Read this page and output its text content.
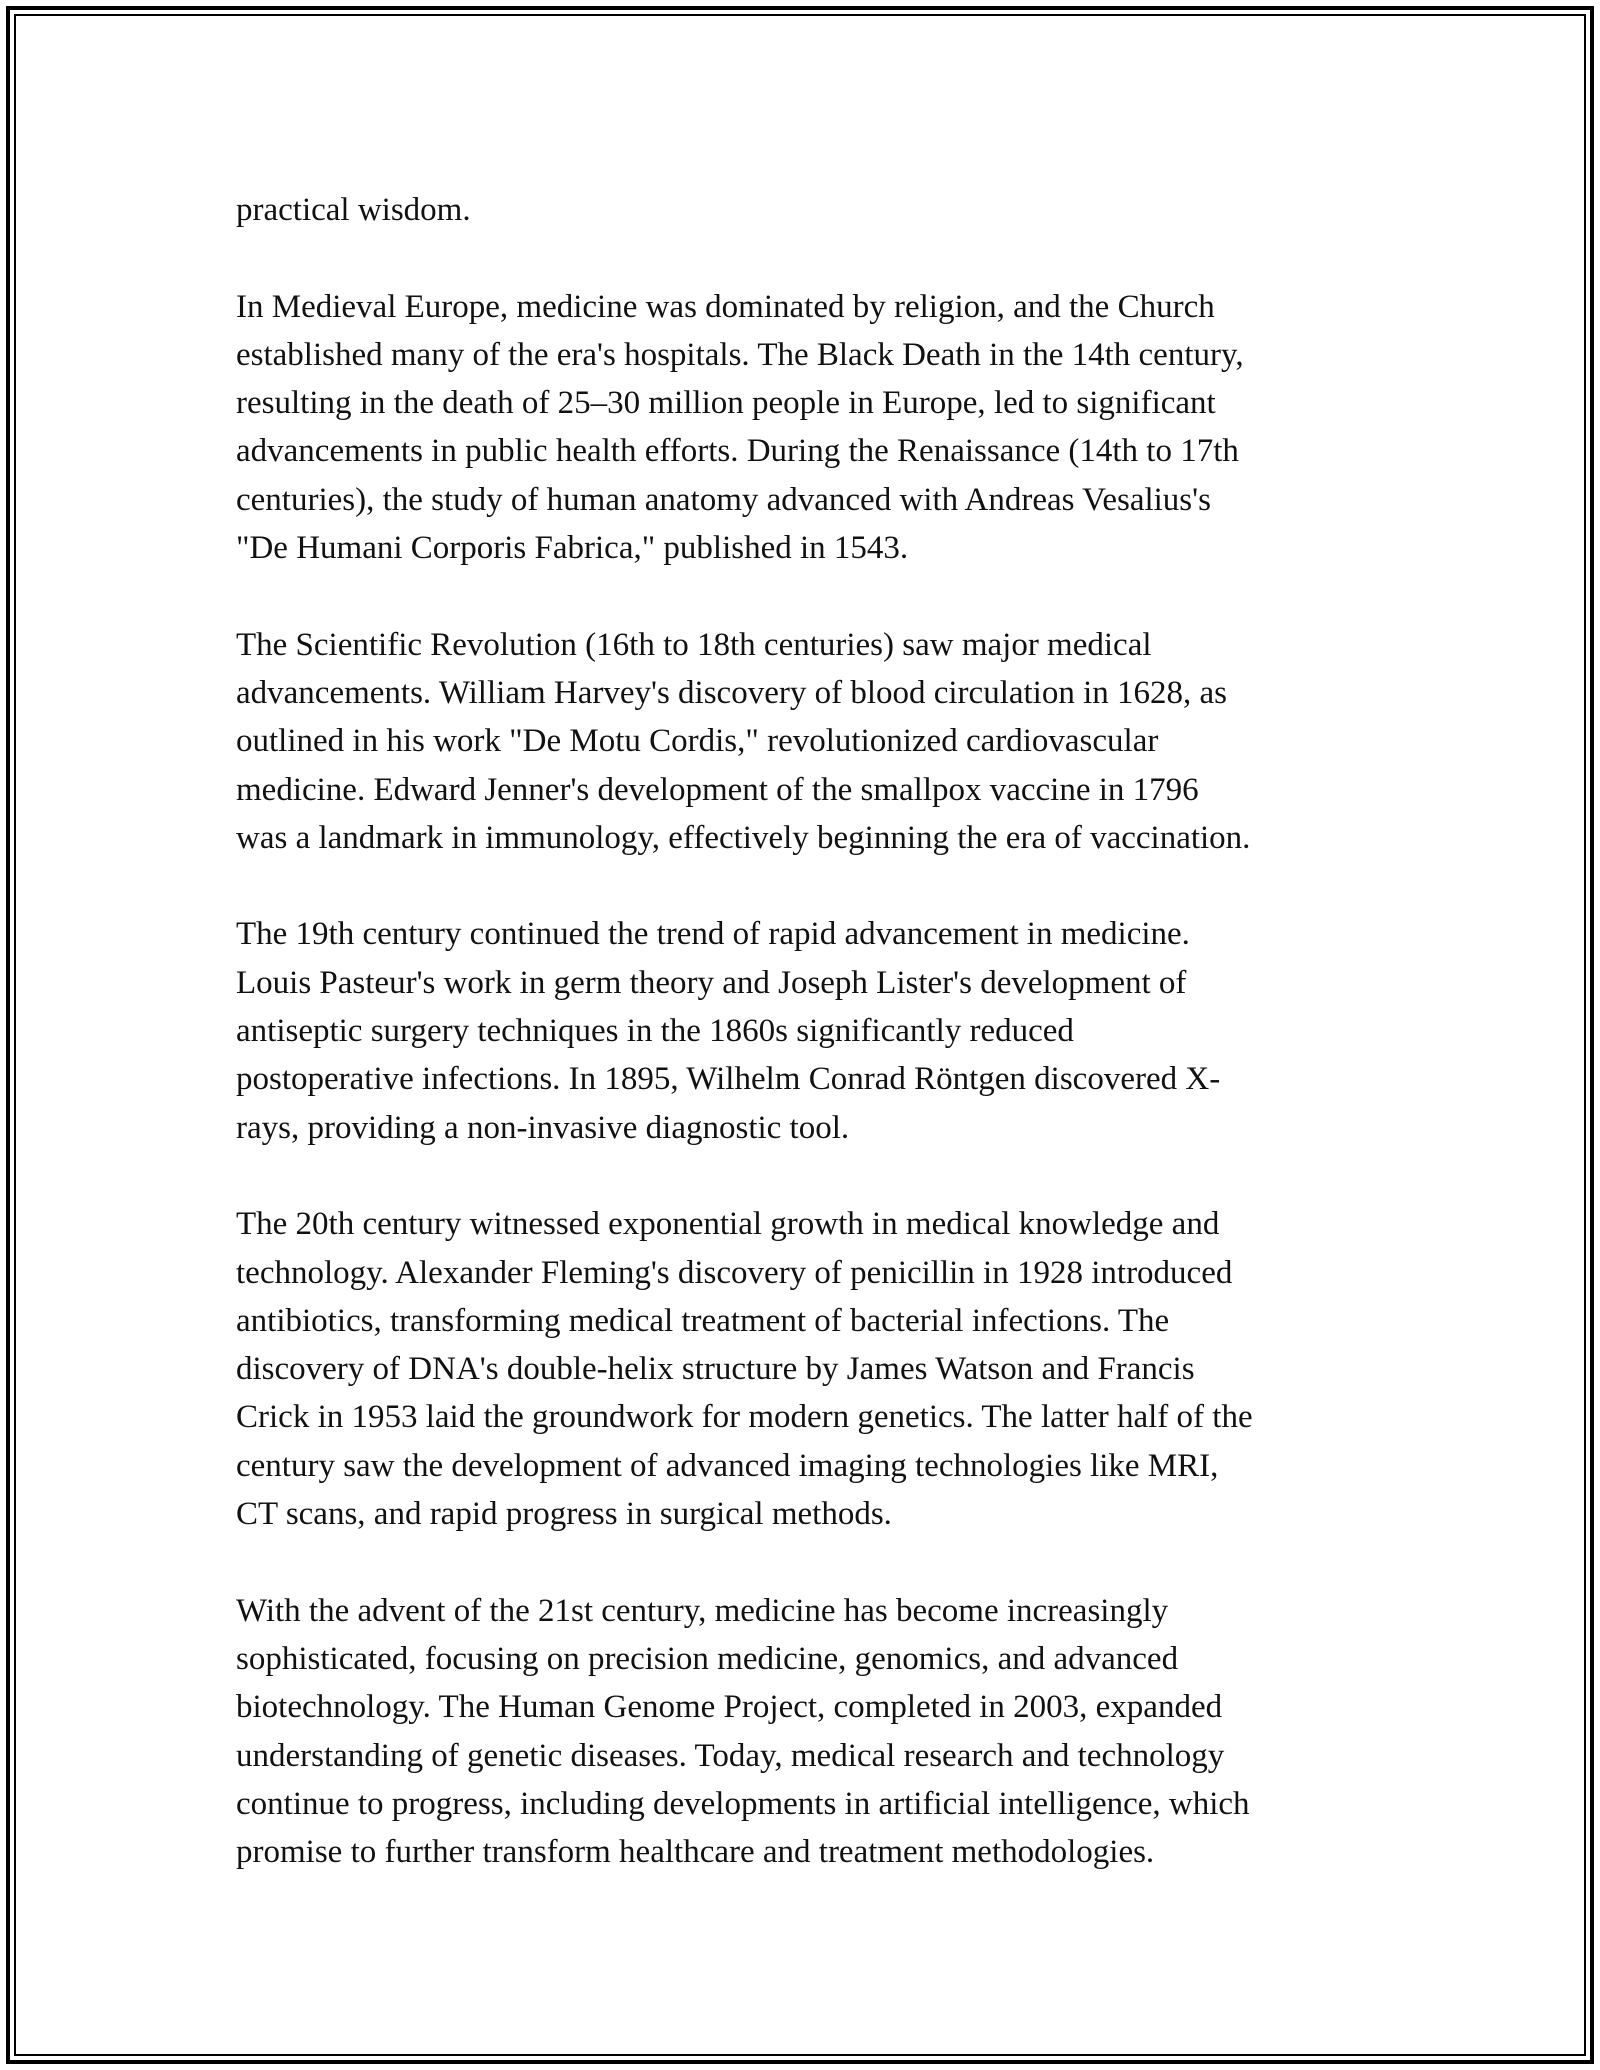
practical wisdom.

In Medieval Europe, medicine was dominated by religion, and the Church
established many of the era's hospitals. The Black Death in the 14th century,
resulting in the death of 25–30 million people in Europe, led to significant
advancements in public health efforts. During the Renaissance (14th to 17th
centuries), the study of human anatomy advanced with Andreas Vesalius's
"De Humani Corporis Fabrica," published in 1543.

The Scientific Revolution (16th to 18th centuries) saw major medical
advancements. William Harvey's discovery of blood circulation in 1628, as
outlined in his work "De Motu Cordis," revolutionized cardiovascular
medicine. Edward Jenner's development of the smallpox vaccine in 1796
was a landmark in immunology, effectively beginning the era of vaccination.

The 19th century continued the trend of rapid advancement in medicine.
Louis Pasteur's work in germ theory and Joseph Lister's development of
antiseptic surgery techniques in the 1860s significantly reduced
postoperative infections. In 1895, Wilhelm Conrad Röntgen discovered X-
rays, providing a non-invasive diagnostic tool.

The 20th century witnessed exponential growth in medical knowledge and
technology. Alexander Fleming's discovery of penicillin in 1928 introduced
antibiotics, transforming medical treatment of bacterial infections. The
discovery of DNA's double-helix structure by James Watson and Francis
Crick in 1953 laid the groundwork for modern genetics. The latter half of the
century saw the development of advanced imaging technologies like MRI,
CT scans, and rapid progress in surgical methods.

With the advent of the 21st century, medicine has become increasingly
sophisticated, focusing on precision medicine, genomics, and advanced
biotechnology. The Human Genome Project, completed in 2003, expanded
understanding of genetic diseases. Today, medical research and technology
continue to progress, including developments in artificial intelligence, which
promise to further transform healthcare and treatment methodologies.
